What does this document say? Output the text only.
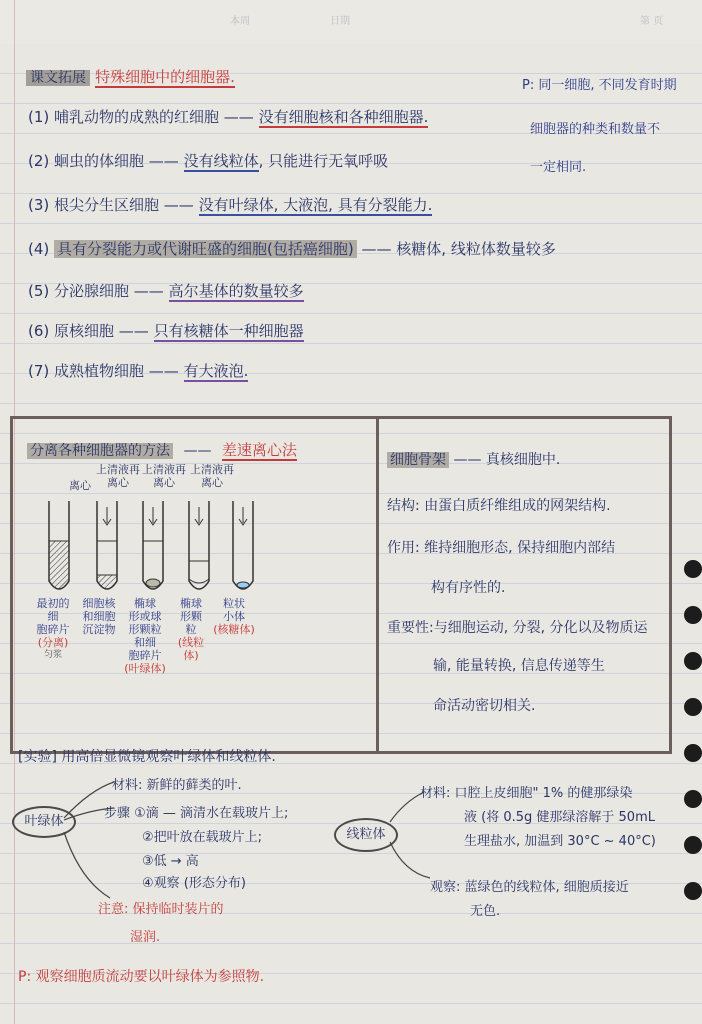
本周	日期	第 页
课文拓展 特殊细胞中的细胞器.
(1) 哺乳动物的成熟的红细胞 —— 没有细胞核和各种细胞器.
(2) 蛔虫的体细胞 —— 没有线粒体, 只能进行无氧呼吸
(3) 根尖分生区细胞 —— 没有叶绿体, 大液泡, 具有分裂能力.
(4) 具有分裂能力或代谢旺盛的细胞(包括癌细胞) —— 核糖体, 线粒体数量较多
(5) 分泌腺细胞 —— 高尔基体的数量较多
(6) 原核细胞 —— 只有核糖体一种细胞器
(7) 成熟植物细胞 —— 有大液泡.
P: 同一细胞, 不同发育时期
细胞器的种类和数量不
一定相同.
分离各种细胞器的方法 —— 差速离心法
离心
上清液再离心
上清液再离心
上清液再离心
最初的细
胞碎片
(分离)
匀浆
细胞核
和细胞
沉淀物
椭球
形或球
形颗粒
和细
胞碎片
(叶绿体)
椭球
形颗
粒
(线粒体)
粒状
小体
(核糖体)
细胞骨架 —— 真核细胞中.
结构: 由蛋白质纤维组成的网架结构.
作用: 维持细胞形态, 保持细胞内部结
构有序性的.
重要性:与细胞运动, 分裂, 分化以及物质运
输, 能量转换, 信息传递等生
命活动密切相关.
[实验] 用高倍显微镜观察叶绿体和线粒体.
叶绿体
材料: 新鲜的藓类的叶.
步骤 ①滴 — 滴清水在载玻片上;
②把叶放在载玻片上;
③低 → 高
④观察 (形态分布)
注意: 保持临时装片的
湿润.
线粒体
材料: 口腔上皮细胞" 1% 的健那绿染
液 (将 0.5g 健那绿溶解于 50mL
生理盐水, 加温到 30°C ~ 40°C)
观察: 蓝绿色的线粒体, 细胞质接近
无色.
P: 观察细胞质流动要以叶绿体为参照物.
